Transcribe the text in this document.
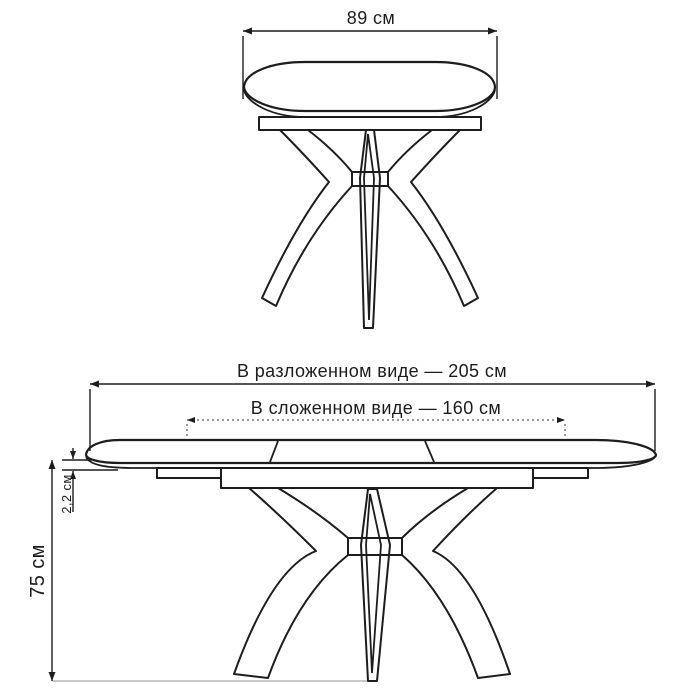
89 см
В разложенном виде — 205 см
В сложенном виде — 160 см
75 см
2,2 см
